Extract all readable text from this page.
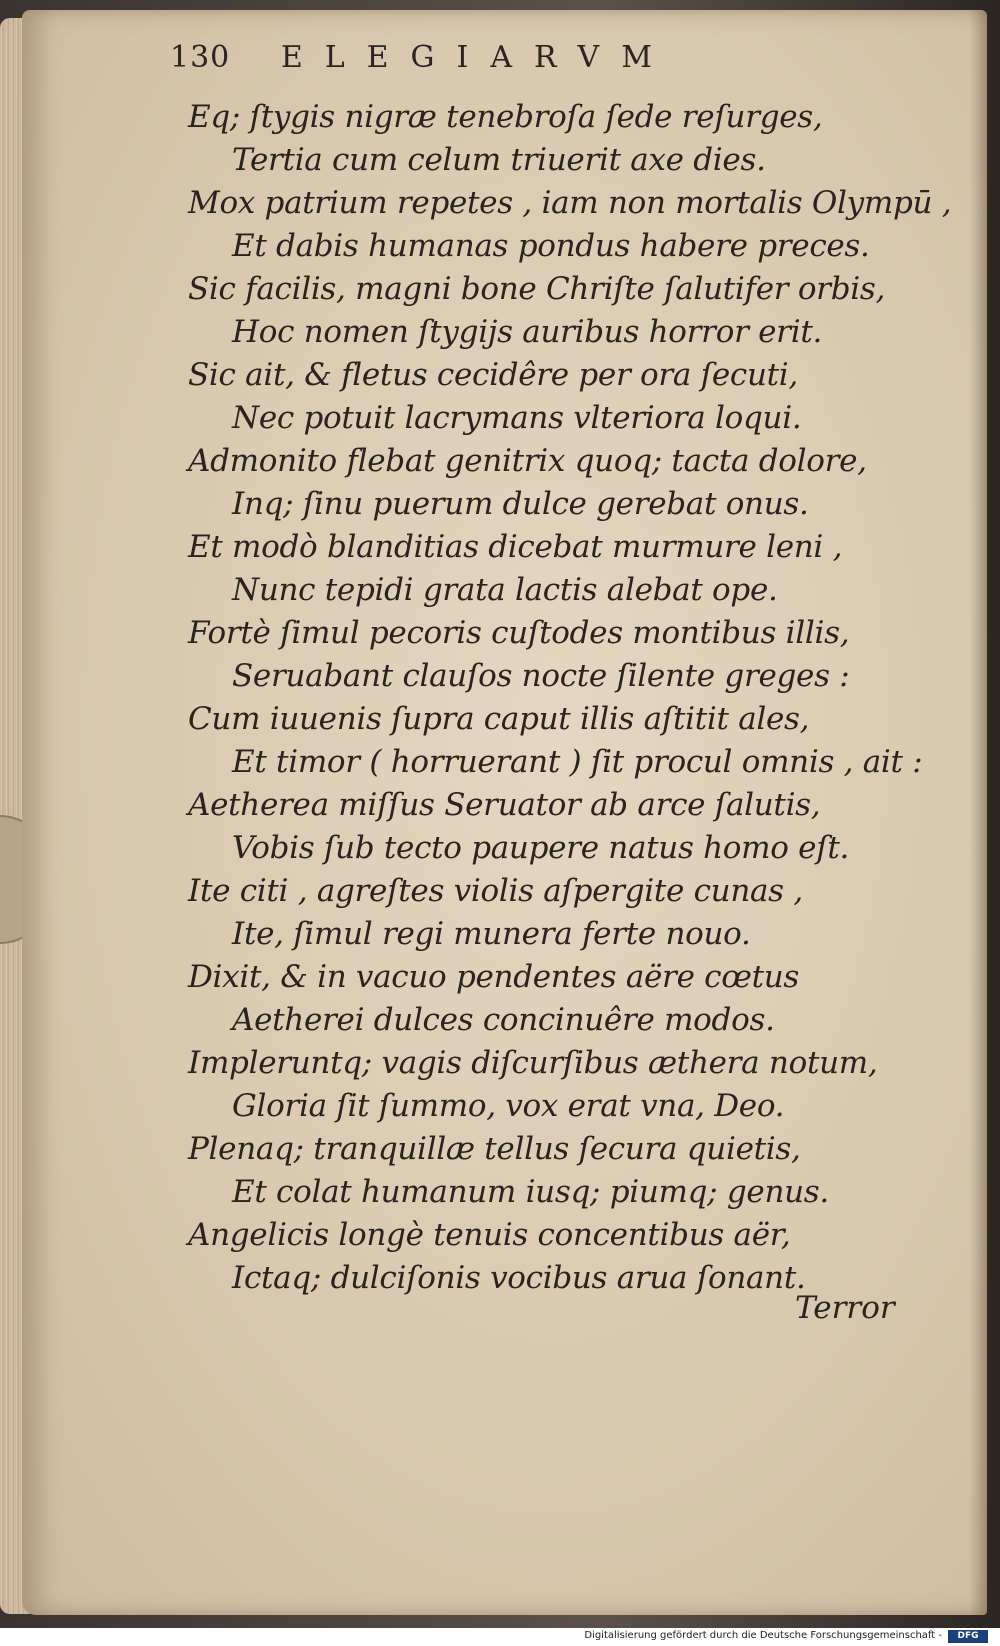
130 ELEGIARVM
Eq; ſtygis nigræ tenebroſa ſede reſurges,
Tertia cum celum triuerit axe dies.
Mox patrium repetes , iam non mortalis Olympū ,
Et dabis humanas pondus habere preces.
Sic facilis, magni bone Chriſte ſalutifer orbis,
Hoc nomen ſtygijs auribus horror erit.
Sic ait, & fletus cecidêre per ora ſecuti,
Nec potuit lacrymans vlteriora loqui.
Admonito flebat genitrix quoq; tacta dolore,
Inq; ſinu puerum dulce gerebat onus.
Et modò blanditias dicebat murmure leni ,
Nunc tepidi grata lactis alebat ope.
Fortè ſimul pecoris cuſtodes montibus illis,
Seruabant clauſos nocte ſilente greges :
Cum iuuenis ſupra caput illis aſtitit ales,
Et timor ( horruerant ) ſit procul omnis , ait :
Aetherea miſſus Seruator ab arce ſalutis,
Vobis ſub tecto paupere natus homo eſt.
Ite citi , agreſtes violis aſpergite cunas ,
Ite, ſimul regi munera ferte nouo.
Dixit, & in vacuo pendentes aëre cœtus
Aetherei dulces concinuêre modos.
Impleruntq; vagis diſcurſibus æthera notum,
Gloria ſit ſummo, vox erat vna, Deo.
Plenaq; tranquillæ tellus ſecura quietis,
Et colat humanum iusq; piumq; genus.
Angelicis longè tenuis concentibus aër,
Ictaq; dulciſonis vocibus arua ſonant.
Terror
Digitalisierung gefördert durch die Deutsche Forschungsgemeinschaft -	DFG
